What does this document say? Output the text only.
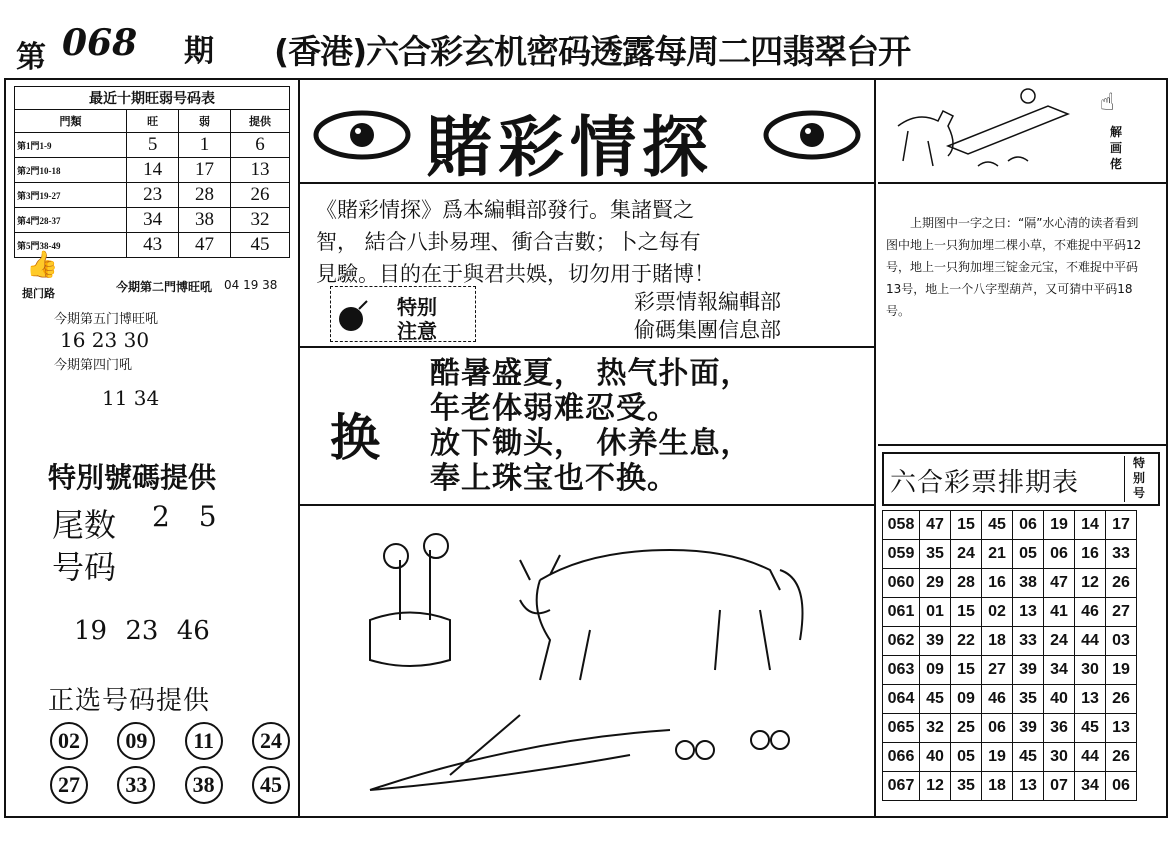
第 068 期 (香港)六合彩玄机密码透露每周二四翡翠台开
最近十期旺弱号码表			
門類	旺	弱	提供
第1門1-9	5	1	6
第2門10-18	14	17	13
第3門19-27	23	28	26
第4門28-37	34	38	32
第5門38-49	43	47	45
👍
提门路	今期第二門博旺吼 04 19 38
今期第五门博旺吼
16 23 30
今期第四门吼
11 34
特別號碼提供
尾数 2 5
号码
19 23 46
正选号码提供
02	09	11	24
27	33	38	45
賭彩情探
《賭彩情探》爲本編輯部發行。集諸賢之
智， 結合八卦易理、衝合吉數；卜之每有
見驗。目的在于與君共娛，切勿用于賭博！
特别
注意
彩票情報編輯部
偷碼集團信息部
换
酷暑盛夏， 热气扑面，
年老体弱难忍受。
放下锄头， 休养生息，
奉上珠宝也不换。
☝
解画佬
上期图中一字之曰：“隔”水心清的读者看到图中地上一只狗加埋二棵小草，不难捉中平码12号，地上一只狗加埋三锭金元宝，不难捉中平码13号，地上一个八字型葫芦，又可猜中平码18号。
六合彩票排期表
特别号
058	47	15	45	06	19	14	17
059	35	24	21	05	06	16	33
060	29	28	16	38	47	12	26
061	01	15	02	13	41	46	27
062	39	22	18	33	24	44	03
063	09	15	27	39	34	30	19
064	45	09	46	35	40	13	26
065	32	25	06	39	36	45	13
066	40	05	19	45	30	44	26
067	12	35	18	13	07	34	06
